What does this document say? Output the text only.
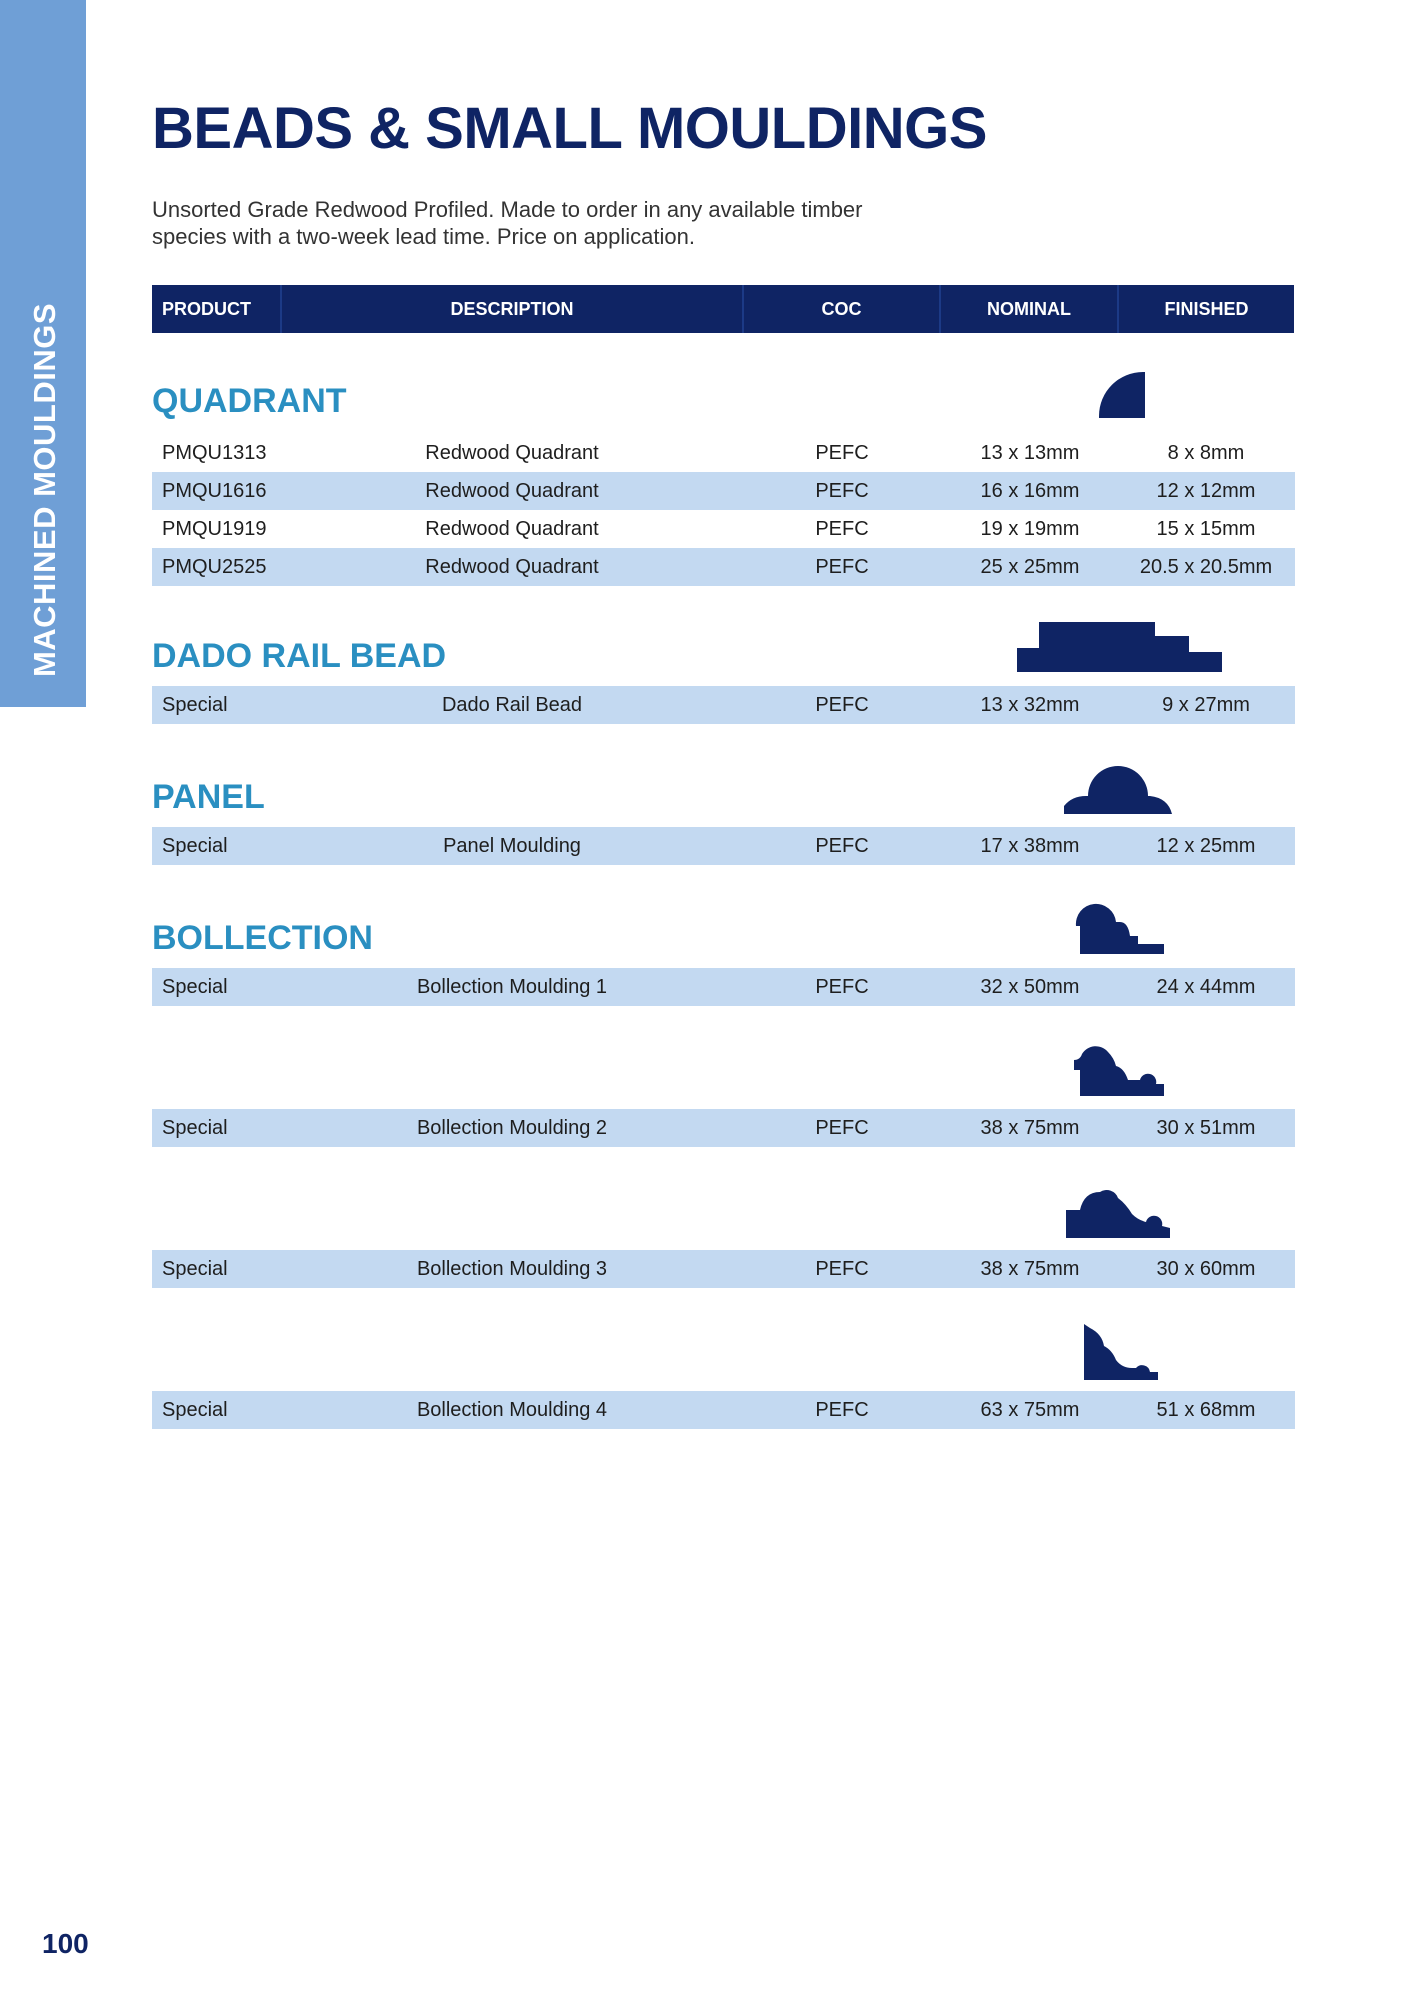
MACHINED MOULDINGS
BEADS & SMALL MOULDINGS
Unsorted Grade Redwood Profiled. Made to order in any available timber
species with a two-week lead time. Price on application.
PRODUCT	DESCRIPTION	COC	NOMINAL	FINISHED
QUADRANT
PMQU1313	Redwood Quadrant	PEFC	13 x 13mm	8 x 8mm
PMQU1616	Redwood Quadrant	PEFC	16 x 16mm	12 x 12mm
PMQU1919	Redwood Quadrant	PEFC	19 x 19mm	15 x 15mm
PMQU2525	Redwood Quadrant	PEFC	25 x 25mm	20.5 x 20.5mm
DADO RAIL BEAD
Special	Dado Rail Bead	PEFC	13 x 32mm	9 x 27mm
PANEL
Special	Panel Moulding	PEFC	17 x 38mm	12 x 25mm
BOLLECTION
Special	Bollection Moulding 1	PEFC	32 x 50mm	24 x 44mm
Special	Bollection Moulding 2	PEFC	38 x 75mm	30 x 51mm
Special	Bollection Moulding 3	PEFC	38 x 75mm	30 x 60mm
Special	Bollection Moulding 4	PEFC	63 x 75mm	51 x 68mm
100
